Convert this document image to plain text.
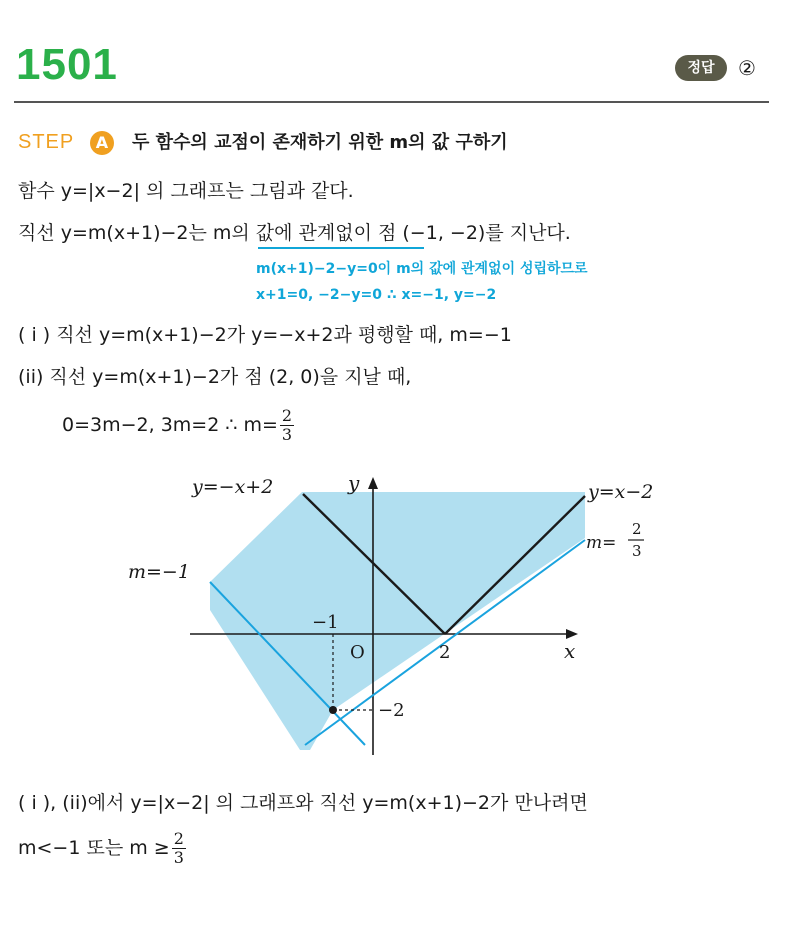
1501	정답	②
STEP	A	두 함수의 교점이 존재하기 위한 m의 값 구하기
함수 y=|x−2| 의 그래프는 그림과 같다.
직선 y=m(x+1)−2는 m의 값에 관계없이 점 (−1, −2)를 지난다.
m(x+1)−2−y=0이 m의 값에 관계없이 성립하므로
x+1=0, −2−y=0 ∴ x=−1, y=−2
( i ) 직선 y=m(x+1)−2가 y=−x+2과 평행할 때, m=−1
(ii) 직선 y=m(x+1)−2가 점 (2, 0)을 지날 때,
0=3m−2, 3m=2 ∴ $m= \frac{2}{3}$
y=−x+2	y=x−2
m=−1
m=
2
3
y
x
O
−1
2
−2
( i ), (ii)에서 y=|x−2| 의 그래프와 직선 y=m(x+1)−2가 만나려면
m<−1 또는 $m \ge \frac{2}{3}$
